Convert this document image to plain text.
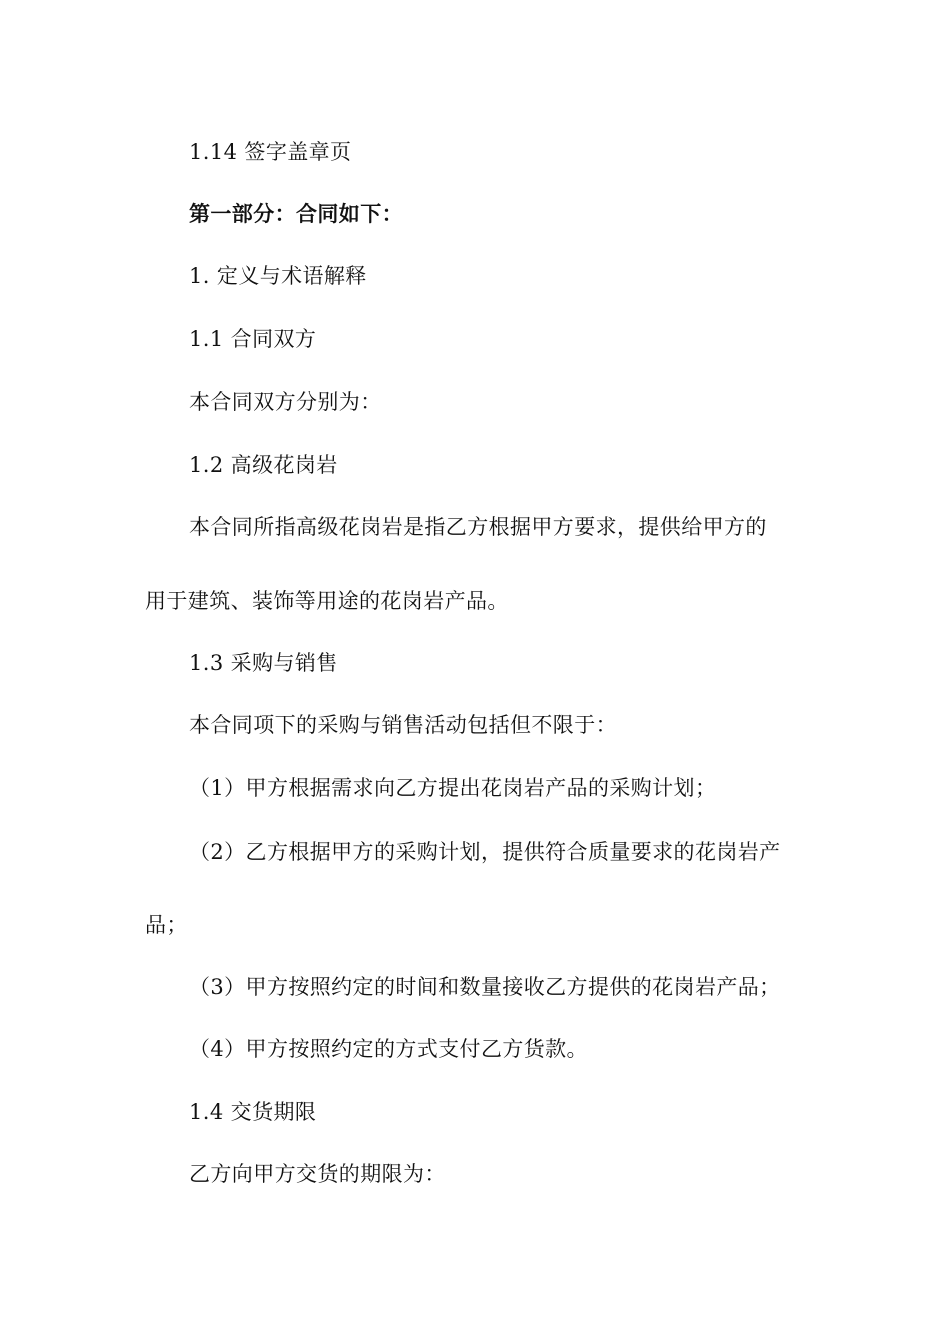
1.14 签字盖章页
第一部分：合同如下：
1. 定义与术语解释
1.1 合同双方
本合同双方分别为：
1.2 高级花岗岩
本合同所指高级花岗岩是指乙方根据甲方要求，提供给甲方的
用于建筑、装饰等用途的花岗岩产品。
1.3 采购与销售
本合同项下的采购与销售活动包括但不限于：
（1）甲方根据需求向乙方提出花岗岩产品的采购计划；
（2）乙方根据甲方的采购计划，提供符合质量要求的花岗岩产
品；
（3）甲方按照约定的时间和数量接收乙方提供的花岗岩产品；
（4）甲方按照约定的方式支付乙方货款。
1.4 交货期限
乙方向甲方交货的期限为：
